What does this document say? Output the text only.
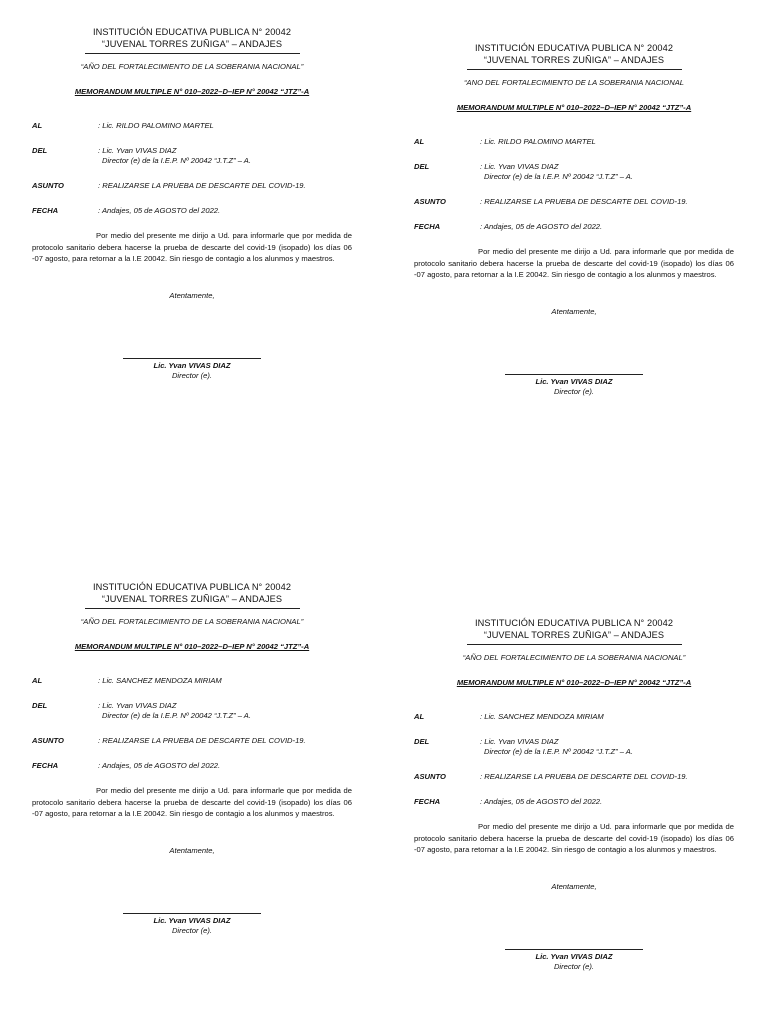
INSTITUCIÓN EDUCATIVA PUBLICA N° 20042
“JUVENAL TORRES ZUÑIGA” – ANDAJES
“AÑO DEL FORTALECIMIENTO DE LA SOBERANIA NACIONAL”
MEMORANDUM MULTIPLE N° 010–2022–D–IEP N° 20042 “JTZ”-A
AL	: Lic. RILDO PALOMINO MARTEL
DEL	: Lic. Yvan VIVAS DIAZ
Director (e) de la I.E.P. Nº 20042 “J.T.Z” – A.
ASUNTO	: REALIZARSE LA PRUEBA DE DESCARTE DEL COVID-19.
FECHA	: Andajes, 05 de AGOSTO del 2022.
Por medio del presente me dirijo a Ud. para informarle que por medida de protocolo sanitario debera hacerse la prueba de descarte del covid-19 (isopado) los días 06 -07 agosto, para retornar a la I.E 20042. Sin riesgo de contagio a los alunmos y maestros.
Atentamente,
Lic. Yvan VIVAS DIAZ
Director (e).
INSTITUCIÓN EDUCATIVA PUBLICA N° 20042
“JUVENAL TORRES ZUÑIGA” – ANDAJES
“ANO DEL FORTALECIMIENTO DE LA SOBERANIA NACIONAL
MEMORANDUM MULTIPLE N° 010–2022–D–IEP N° 20042 “JTZ”-A
AL	: Lic. RILDO PALOMINO MARTEL
DEL	: Lic. Yvan VIVAS DIAZ
Director (e) de la I.E.P. Nº 20042 “J.T.Z” – A.
ASUNTO	: REALIZARSE LA PRUEBA DE DESCARTE DEL COVID-19.
FECHA	: Andajes, 05 de AGOSTO del 2022.
Por medio del presente me dirijo a Ud. para informarle que por medida de protocolo sanitario debera hacerse la prueba de descarte del covid-19 (isopado) los días 06 -07 agosto, para retornar a la I.E 20042. Sin riesgo de contagio a los alunmos y maestros.
Atentamente,
Lic. Yvan VIVAS DIAZ
Director (e).
INSTITUCIÓN EDUCATIVA PUBLICA N° 20042
“JUVENAL TORRES ZUÑIGA” – ANDAJES
“AÑO DEL FORTALECIMIENTO DE LA SOBERANIA NACIONAL”
MEMORANDUM MULTIPLE N° 010–2022–D–IEP N° 20042 “JTZ”-A
AL	: Lic. SANCHEZ MENDOZA MIRIAM
DEL	: Lic. Yvan VIVAS DIAZ
Director (e) de la I.E.P. Nº 20042 “J.T.Z” – A.
ASUNTO	: REALIZARSE LA PRUEBA DE DESCARTE DEL COVID-19.
FECHA	: Andajes, 05 de AGOSTO del 2022.
Por medio del presente me dirijo a Ud. para informarle que por medida de protocolo sanitario debera hacerse la prueba de descarte del covid-19 (isopado) los días 06 -07 agosto, para retornar a la I.E 20042. Sin riesgo de contagio a los alunmos y maestros.
Atentamente,
Lic. Yvan VIVAS DIAZ
Director (e).
INSTITUCIÓN EDUCATIVA PUBLICA N° 20042
“JUVENAL TORRES ZUÑIGA” – ANDAJES
“AÑO DEL FORTALECIMIENTO DE LA SOBERANIA NACIONAL”
MEMORANDUM MULTIPLE N° 010–2022–D–IEP N° 20042 “JTZ”-A
AL	: Lic. SANCHEZ MENDOZA MIRIAM
DEL	: Lic. Yvan VIVAS DIAZ
Director (e) de la I.E.P. Nº 20042 “J.T.Z” – A.
ASUNTO	: REALIZARSE LA PRUEBA DE DESCARTE DEL COVID-19.
FECHA	: Andajes, 05 de AGOSTO del 2022.
Por medio del presente me dirijo a Ud. para informarle que por medida de protocolo sanitario debera hacerse la prueba de descarte del covid-19 (isopado) los días 06 -07 agosto, para retornar a la I.E 20042. Sin riesgo de contagio a los alunmos y maestros.
Atentamente,
Lic. Yvan VIVAS DIAZ
Director (e).
